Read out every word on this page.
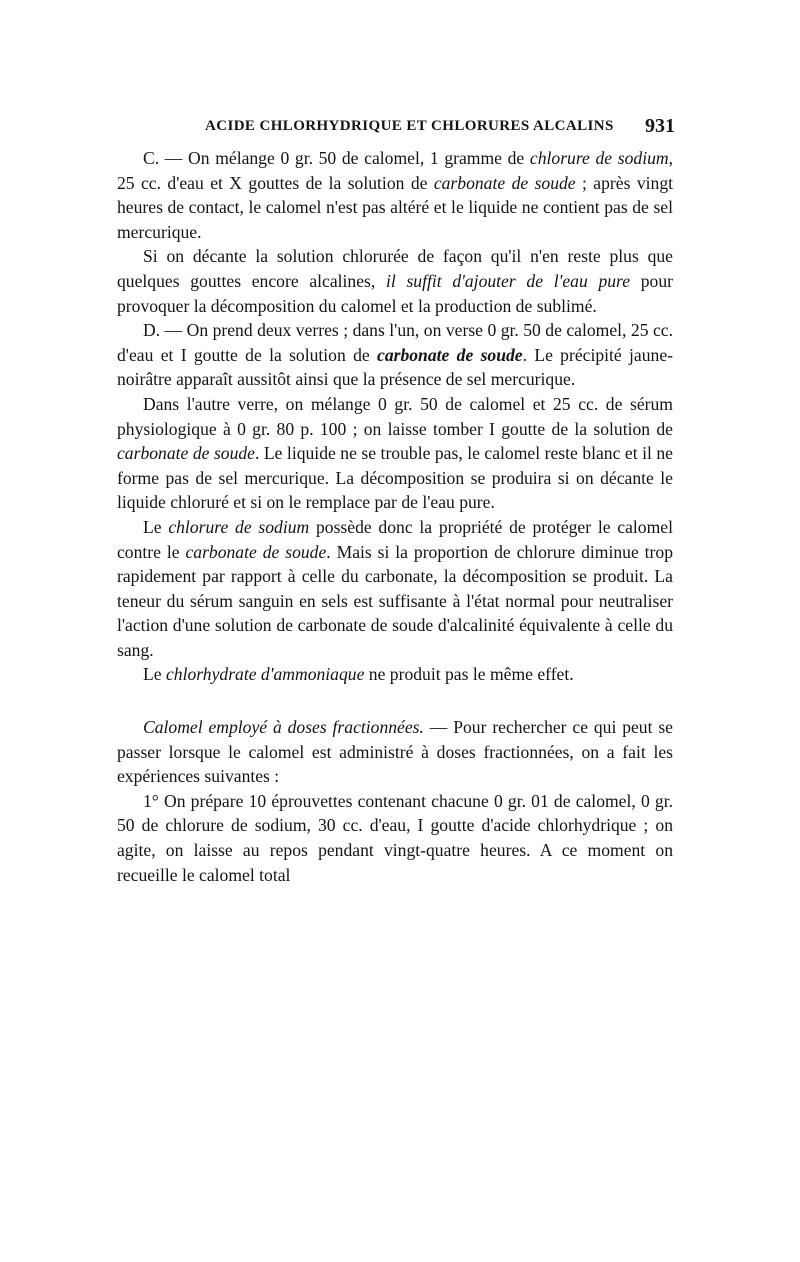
ACIDE CHLORHYDRIQUE ET CHLORURES ALCALINS 931

C. — On mélange 0 gr. 50 de calomel, 1 gramme de chlorure de sodium, 25 cc. d'eau et X gouttes de la solution de carbonate de soude ; après vingt heures de contact, le calomel n'est pas altéré et le liquide ne contient pas de sel mercurique.

Si on décante la solution chlorurée de façon qu'il n'en reste plus que quelques gouttes encore alcalines, il suffit d'ajouter de l'eau pure pour provoquer la décomposition du calomel et la production de sublimé.

D. — On prend deux verres ; dans l'un, on verse 0 gr. 50 de calomel, 25 cc. d'eau et I goutte de la solution de carbonate de soude. Le précipité jaune-noirâtre apparaît aussitôt ainsi que la présence de sel mercurique.

Dans l'autre verre, on mélange 0 gr. 50 de calomel et 25 cc. de sérum physiologique à 0 gr. 80 p. 100 ; on laisse tomber I goutte de la solution de carbonate de soude. Le liquide ne se trouble pas, le calomel reste blanc et il ne forme pas de sel mercurique. La décomposition se produira si on décante le liquide chloruré et si on le remplace par de l'eau pure.

Le chlorure de sodium possède donc la propriété de protéger le calomel contre le carbonate de soude. Mais si la proportion de chlorure diminue trop rapidement par rapport à celle du carbonate, la décomposition se produit. La teneur du sérum sanguin en sels est suffisante à l'état normal pour neutraliser l'action d'une solution de carbonate de soude d'alcalinité équivalente à celle du sang.

Le chlorhydrate d'ammoniaque ne produit pas le même effet.

Calomel employé à doses fractionnées. — Pour rechercher ce qui peut se passer lorsque le calomel est administré à doses fractionnées, on a fait les expériences suivantes :

1° On prépare 10 éprouvettes contenant chacune 0 gr. 01 de calomel, 0 gr. 50 de chlorure de sodium, 30 cc. d'eau, I goutte d'acide chlorhydrique ; on agite, on laisse au repos pendant vingt-quatre heures. A ce moment on recueille le calomel total
